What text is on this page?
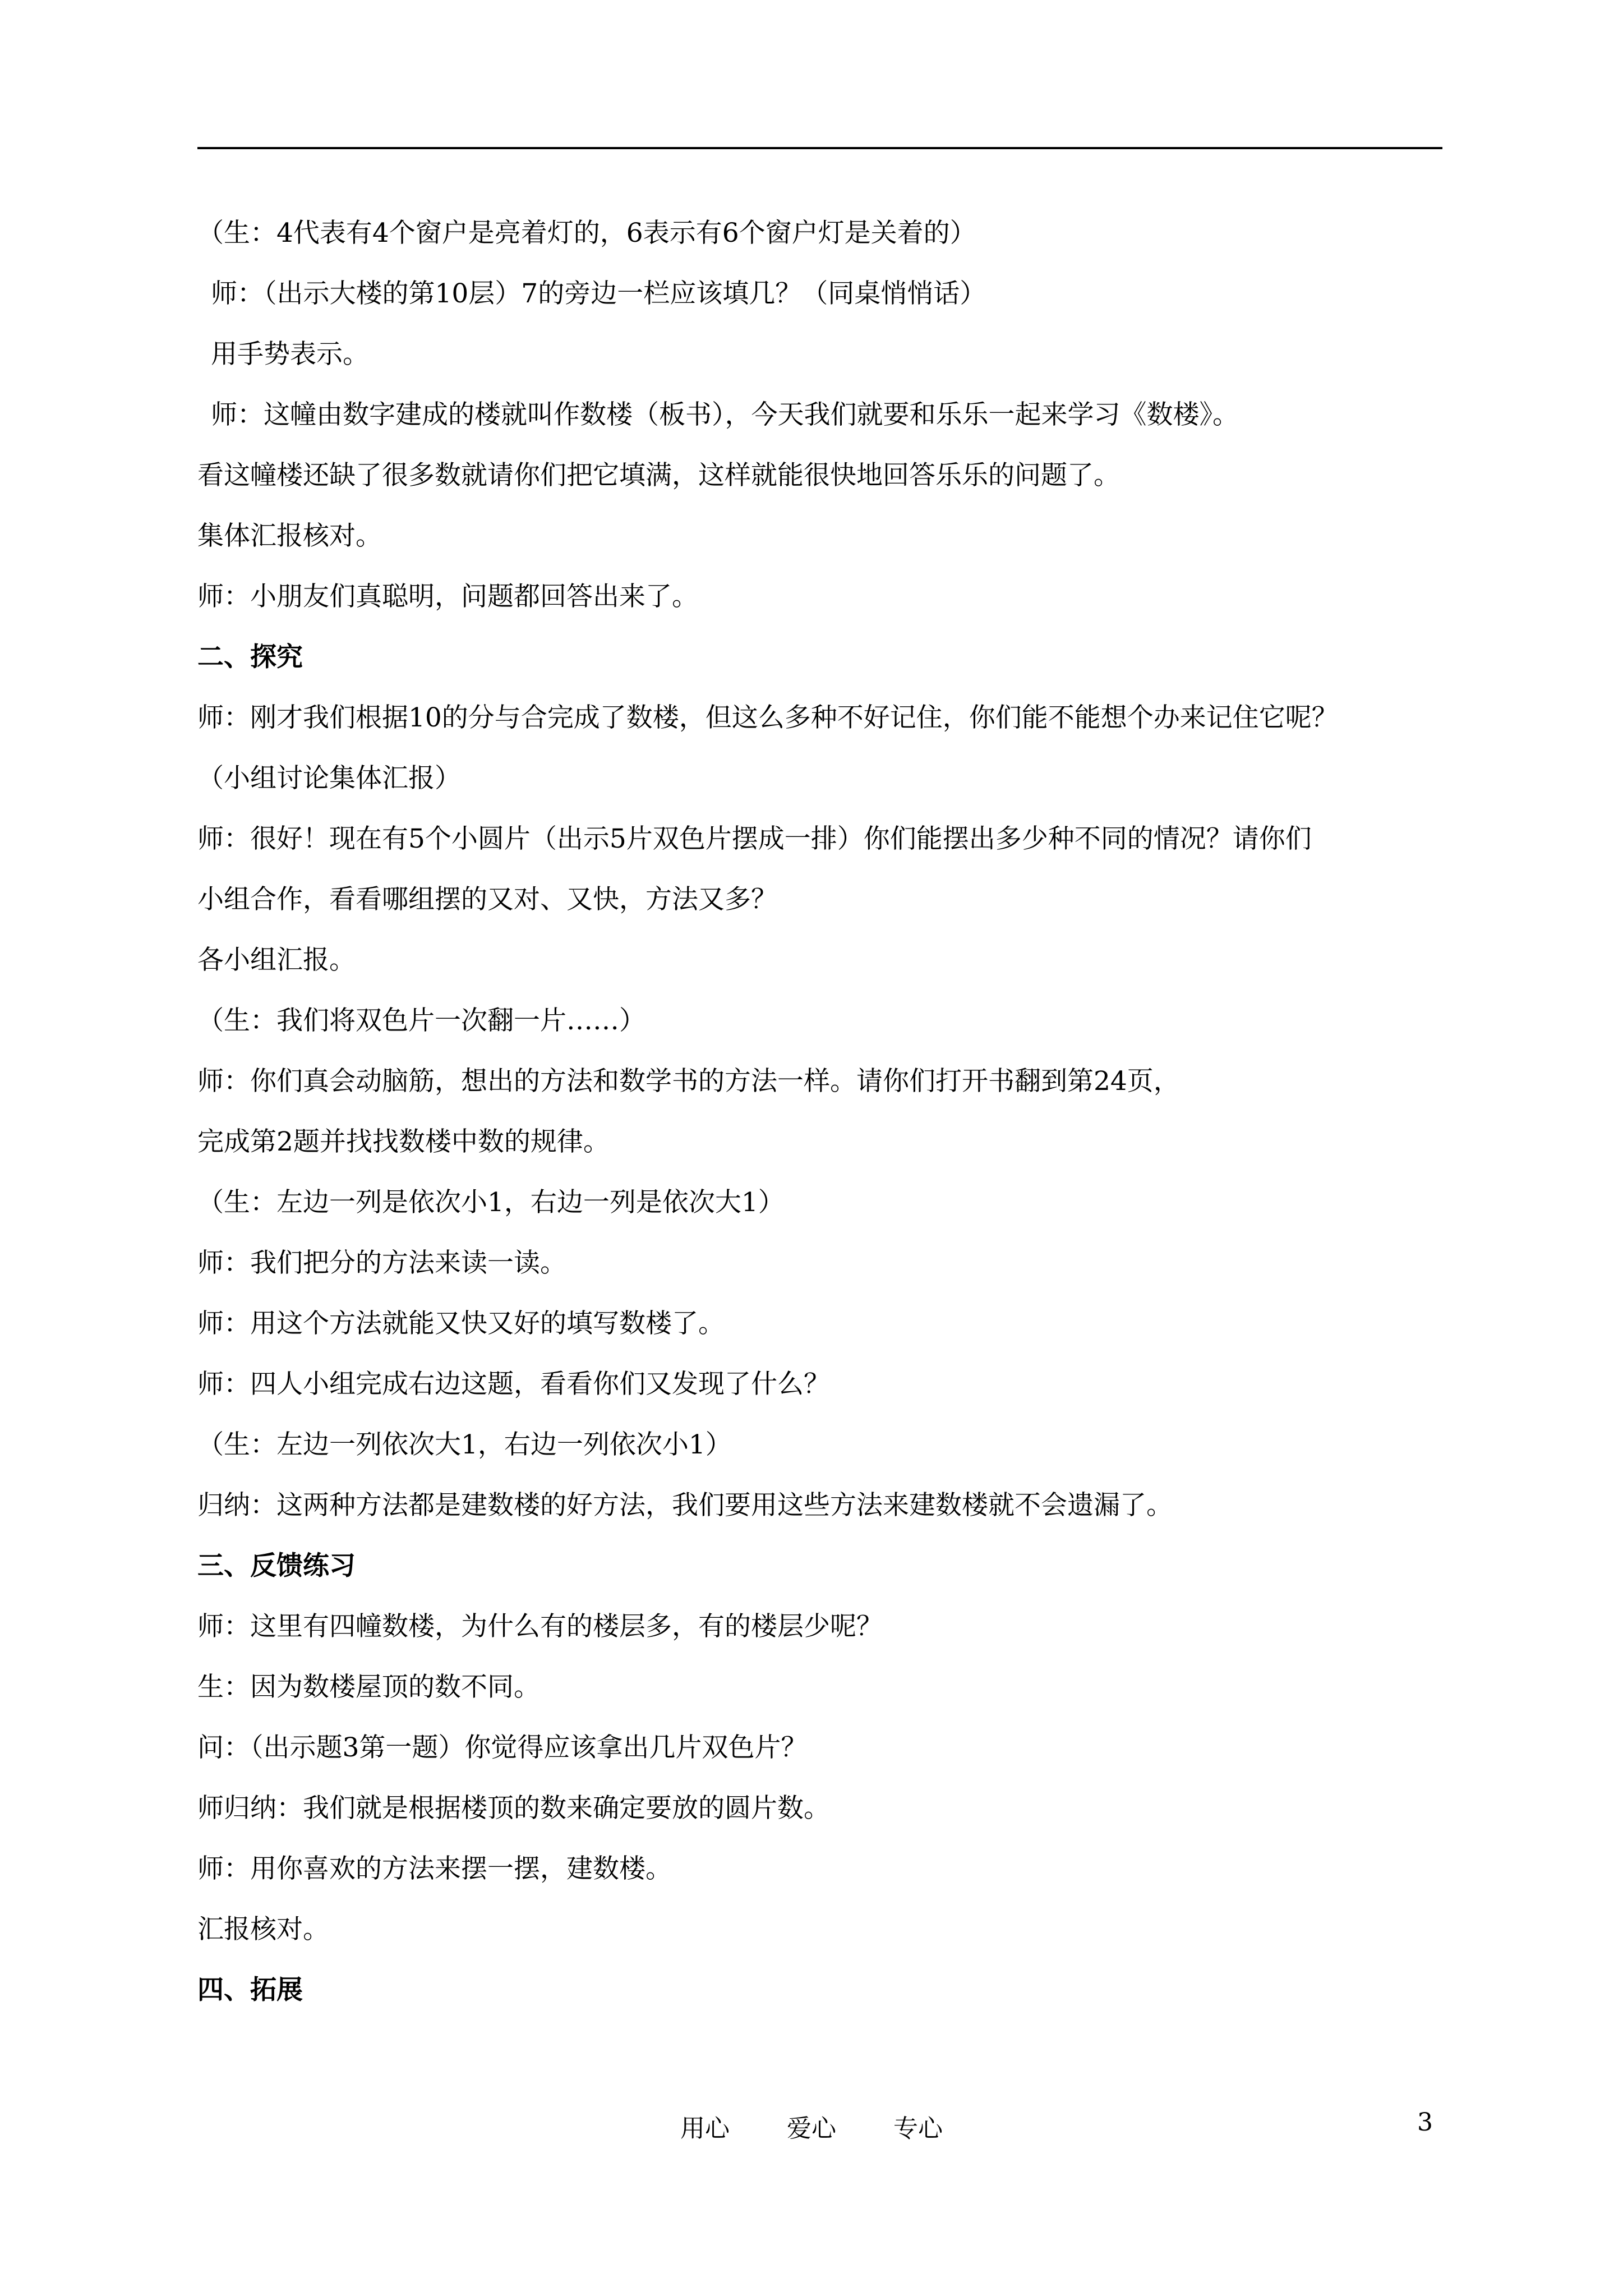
（生：4代表有4个窗户是亮着灯的，6表示有6个窗户灯是关着的）
师：（出示大楼的第10层）7的旁边一栏应该填几？（同桌悄悄话）
用手势表示。
师：这幢由数字建成的楼就叫作数楼（板书），今天我们就要和乐乐一起来学习《数楼》。
看这幢楼还缺了很多数就请你们把它填满，这样就能很快地回答乐乐的问题了。
集体汇报核对。
师：小朋友们真聪明，问题都回答出来了。
二、探究
师：刚才我们根据10的分与合完成了数楼，但这么多种不好记住，你们能不能想个办来记住它呢？
（小组讨论集体汇报）
师：很好！现在有5个小圆片（出示5片双色片摆成一排）你们能摆出多少种不同的情况？请你们
小组合作，看看哪组摆的又对、又快，方法又多？
各小组汇报。
（生：我们将双色片一次翻一片……）
师：你们真会动脑筋，想出的方法和数学书的方法一样。请你们打开书翻到第24页，
完成第2题并找找数楼中数的规律。
（生：左边一列是依次小1，右边一列是依次大1）
师：我们把分的方法来读一读。
师：用这个方法就能又快又好的填写数楼了。
师：四人小组完成右边这题，看看你们又发现了什么？
（生：左边一列依次大1，右边一列依次小1）
归纳：这两种方法都是建数楼的好方法，我们要用这些方法来建数楼就不会遗漏了。
三、反馈练习
师：这里有四幢数楼，为什么有的楼层多，有的楼层少呢？
生：因为数楼屋顶的数不同。
问：（出示题3第一题）你觉得应该拿出几片双色片？
师归纳：我们就是根据楼顶的数来确定要放的圆片数。
师：用你喜欢的方法来摆一摆，建数楼。
汇报核对。
四、拓展
用心 爱心 专心	3
